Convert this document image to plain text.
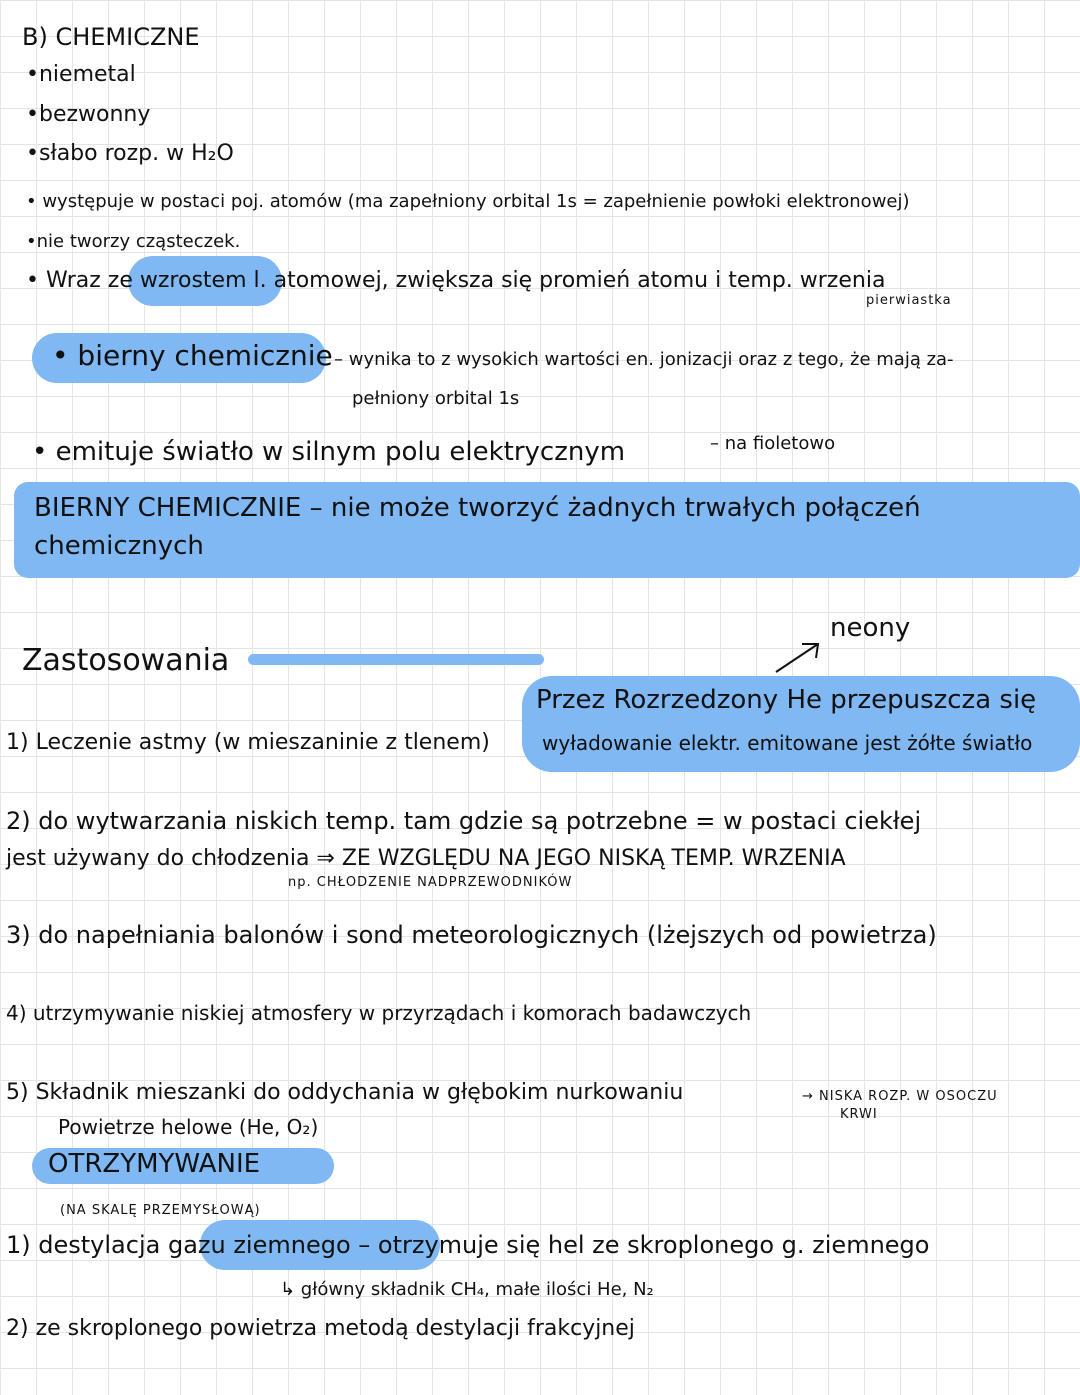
B) CHEMICZNE
•niemetal
•bezwonny
•słabo rozp. w H₂O
• występuje w postaci poj. atomów (ma zapełniony orbital 1s = zapełnienie powłoki elektronowej)
•nie tworzy cząsteczek.
• Wraz ze wzrostem l. atomowej, zwiększa się promień atomu i temp. wrzenia
pierwiastka
• bierny chemicznie – wynika to z wysokich wartości en. jonizacji oraz z tego, że mają za-
pełniony orbital 1s
• emituje światło w silnym polu elektrycznym	– na fioletowo
BIERNY CHEMICZNIE – nie może tworzyć żadnych trwałych połączeń
chemicznych
Zastosowania
neony
Przez Rozrzedzony He przepuszcza się
wyładowanie elektr. emitowane jest żółte światło
1) Leczenie astmy (w mieszaninie z tlenem)
2) do wytwarzania niskich temp. tam gdzie są potrzebne = w postaci ciekłej
jest używany do chłodzenia ⇒ ZE WZGLĘDU NA JEGO NISKĄ TEMP. WRZENIA
np. CHŁODZENIE NADPRZEWODNIKÓW
3) do napełniania balonów i sond meteorologicznych (lżejszych od powietrza)
4) utrzymywanie niskiej atmosfery w przyrządach i komorach badawczych
5) Składnik mieszanki do oddychania w głębokim nurkowaniu	→ NISKA ROZP. W OSOCZU
KRWI
Powietrze helowe (He, O₂)
OTRZYMYWANIE
(NA SKALĘ PRZEMYSŁOWĄ)
1) destylacja gazu ziemnego – otrzymuje się hel ze skroplonego g. ziemnego
↳ główny składnik CH₄, małe ilości He, N₂
2) ze skroplonego powietrza metodą destylacji frakcyjnej
